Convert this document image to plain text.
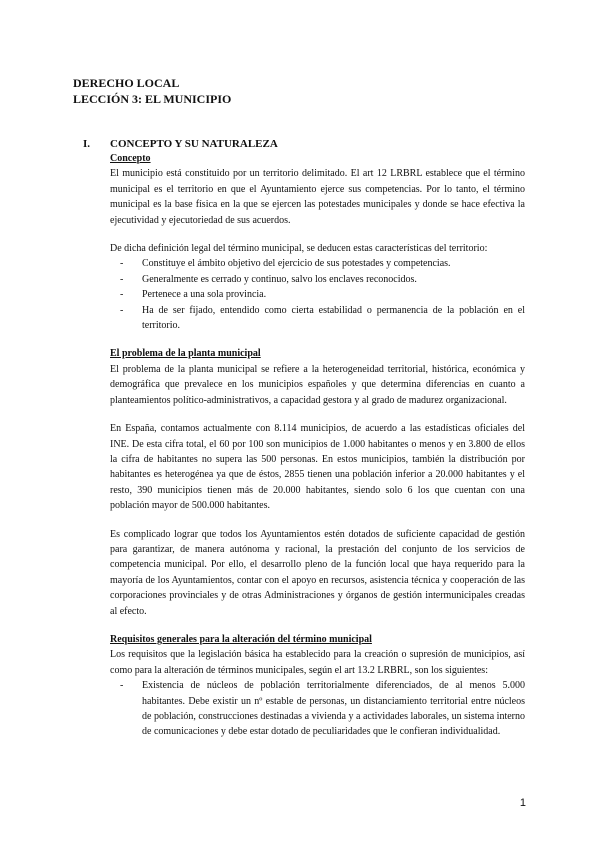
DERECHO LOCAL
LECCIÓN 3: EL MUNICIPIO
I.	CONCEPTO Y SU NATURALEZA

Concepto

El municipio está constituido por un territorio delimitado. El art 12 LRBRL establece que el término municipal es el territorio en que el Ayuntamiento ejerce sus competencias. Por lo tanto, el término municipal es la base física en la que se ejercen las potestades municipales y donde se hace efectiva la ejecutividad y ejecutoriedad de sus acuerdos.

De dicha definición legal del término municipal, se deducen estas características del territorio:

- Constituye el ámbito objetivo del ejercicio de sus potestades y competencias.
- Generalmente es cerrado y continuo, salvo los enclaves reconocidos.
- Pertenece a una sola provincia.
- Ha de ser fijado, entendido como cierta estabilidad o permanencia de la población en el territorio.

El problema de la planta municipal

El problema de la planta municipal se refiere a la heterogeneidad territorial, histórica, económica y demográfica que prevalece en los municipios españoles y que determina diferencias en cuanto a planteamientos político-administrativos, a capacidad gestora y al grado de madurez organizacional.

En España, contamos actualmente con 8.114 municipios, de acuerdo a las estadísticas oficiales del INE. De esta cifra total, el 60 por 100 son municipios de 1.000 habitantes o menos y en 3.800 de ellos la cifra de habitantes no supera las 500 personas. En estos municipios, también la distribución por habitantes es heterogénea ya que de éstos, 2855 tienen una población inferior a 20.000 habitantes y el resto, 390 municipios tienen más de 20.000 habitantes, siendo solo 6 los que cuentan con una población mayor de 500.000 habitantes.

Es complicado lograr que todos los Ayuntamientos estén dotados de suficiente capacidad de gestión para garantizar, de manera autónoma y racional, la prestación del conjunto de los servicios de competencia municipal. Por ello, el desarrollo pleno de la función local que haya requerido para la mayoría de los Ayuntamientos, contar con el apoyo en recursos, asistencia técnica y cooperación de las corporaciones provinciales y de otras Administraciones y órganos de gestión intermunicipales creadas al efecto.

Requisitos generales para la alteración del término municipal

Los requisitos que la legislación básica ha establecido para la creación o supresión de municipios, así como para la alteración de términos municipales, según el art 13.2 LRBRL, son los siguientes:

- Existencia de núcleos de población territorialmente diferenciados, de al menos 5.000 habitantes. Debe existir un nº estable de personas, un distanciamiento territorial entre núcleos de población, construcciones destinadas a vivienda y a actividades laborales, un sistema interno de comunicaciones y debe estar dotado de peculiaridades que le confieran individualidad.
1
